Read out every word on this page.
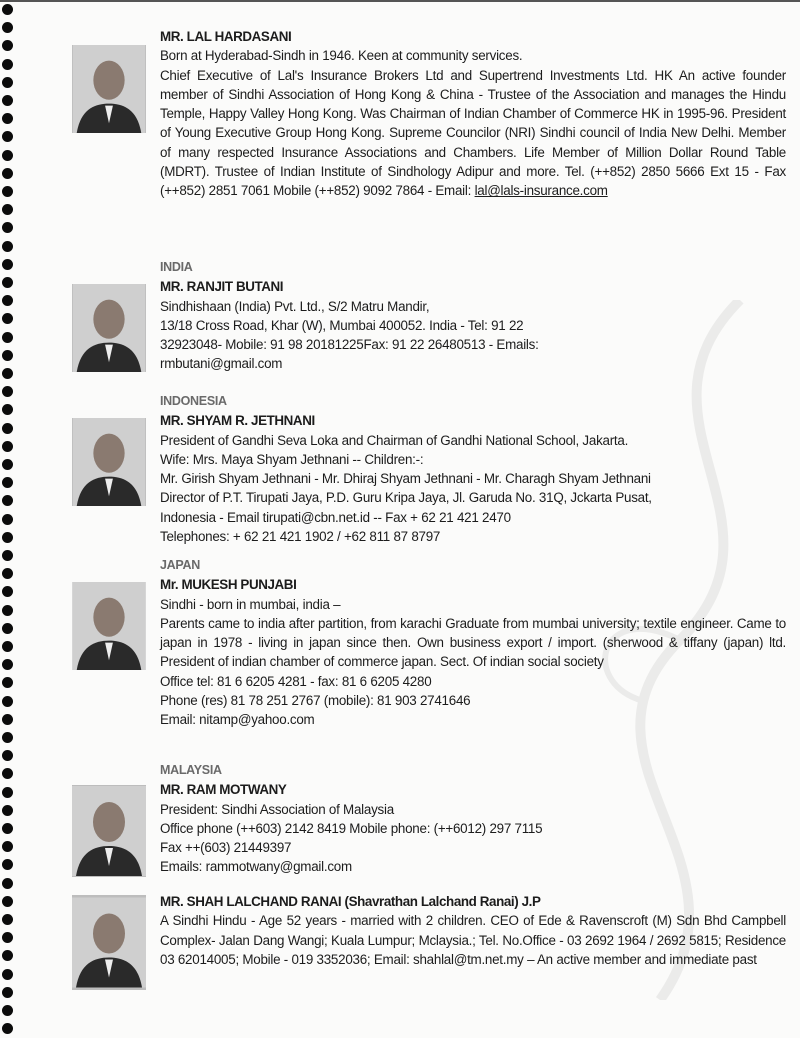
MR. LAL HARDASANI

Born at Hyderabad-Sindh in 1946. Keen at community services.

Chief Executive of Lal's Insurance Brokers Ltd and Supertrend Investments Ltd. HK An active founder member of Sindhi Association of Hong Kong & China - Trustee of the Association and manages the Hindu Temple, Happy Valley Hong Kong. Was Chairman of Indian Chamber of Commerce HK in 1995-96. President of Young Executive Group Hong Kong. Supreme Councilor (NRI) Sindhi council of India New Delhi. Member of many respected Insurance Associations and Chambers. Life Member of Million Dollar Round Table (MDRT). Trustee of Indian Institute of Sindhology Adipur and more. Tel. (++852) 2850 5666 Ext 15 - Fax (++852) 2851 7061 Mobile (++852) 9092 7864 - Email: lal@lals-insurance.com

INDIA
MR. RANJIT BUTANI

Sindhishaan (India) Pvt. Ltd., S/2 Matru Mandir,

13/18 Cross Road, Khar (W), Mumbai 400052. India - Tel: 91 22

32923048- Mobile: 91 98 20181225Fax: 91 22 26480513 - Emails:

rmbutani@gmail.com

INDONESIA
MR. SHYAM R. JETHNANI

President of Gandhi Seva Loka and Chairman of Gandhi National School, Jakarta.

Wife: Mrs. Maya Shyam Jethnani -- Children:-:

Mr. Girish Shyam Jethnani - Mr. Dhiraj Shyam Jethnani - Mr. Charagh Shyam Jethnani

Director of P.T. Tirupati Jaya, P.D. Guru Kripa Jaya, Jl. Garuda No. 31Q, Jckarta Pusat,

Indonesia - Email tirupati@cbn.net.id -- Fax + 62 21 421 2470

Telephones: + 62 21 421 1902 / +62 811 87 8797

JAPAN
Mr. MUKESH PUNJABI

Sindhi - born in mumbai, india –

Parents came to india after partition, from karachi Graduate from mumbai university; textile engineer. Came to japan in 1978 - living in japan since then. Own business export / import. (sherwood & tiffany (japan) ltd. President of indian chamber of commerce japan. Sect. Of indian social society

Office tel: 81 6 6205 4281 - fax: 81 6 6205 4280

Phone (res) 81 78 251 2767 (mobile): 81 903 2741646

Email: nitamp@yahoo.com

MALAYSIA
MR. RAM MOTWANY

President: Sindhi Association of Malaysia

Office phone (++603) 2142 8419 Mobile phone: (++6012) 297 7115

Fax ++(603) 21449397

Emails: rammotwany@gmail.com

MR. SHAH LALCHAND RANAI (Shavrathan Lalchand Ranai) J.P

A Sindhi Hindu - Age 52 years - married with 2 children. CEO of Ede & Ravenscroft (M) Sdn Bhd Campbell Complex- Jalan Dang Wangi; Kuala Lumpur; Mclaysia.; Tel. No.Office - 03 2692 1964 / 2692 5815; Residence 03 62014005; Mobile - 019 3352036; Email: shahlal@tm.net.my – An active member and immediate past
